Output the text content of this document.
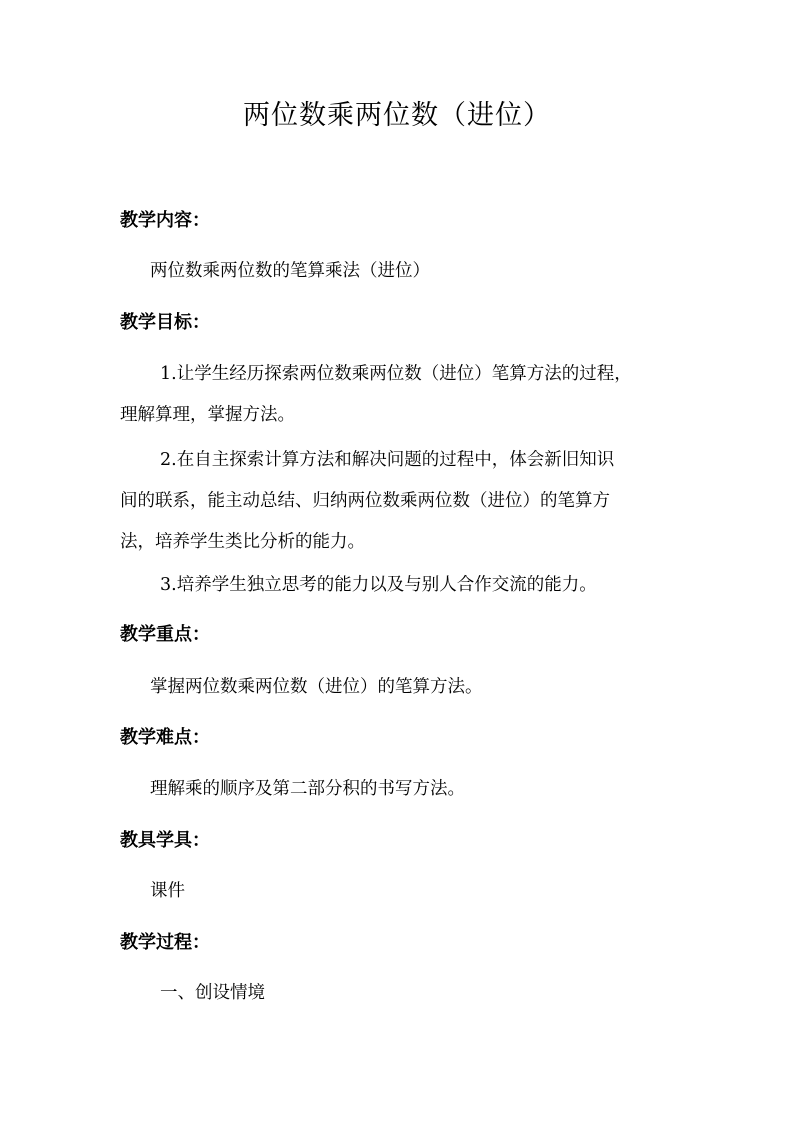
两位数乘两位数（进位）
教学内容：
两位数乘两位数的笔算乘法（进位）
教学目标：
1.让学生经历探索两位数乘两位数（进位）笔算方法的过程，
理解算理，掌握方法。
2.在自主探索计算方法和解决问题的过程中，体会新旧知识
间的联系，能主动总结、归纳两位数乘两位数（进位）的笔算方
法，培养学生类比分析的能力。
3.培养学生独立思考的能力以及与别人合作交流的能力。
教学重点：
掌握两位数乘两位数（进位）的笔算方法。
教学难点：
理解乘的顺序及第二部分积的书写方法。
教具学具：
课件
教学过程：
一、创设情境
